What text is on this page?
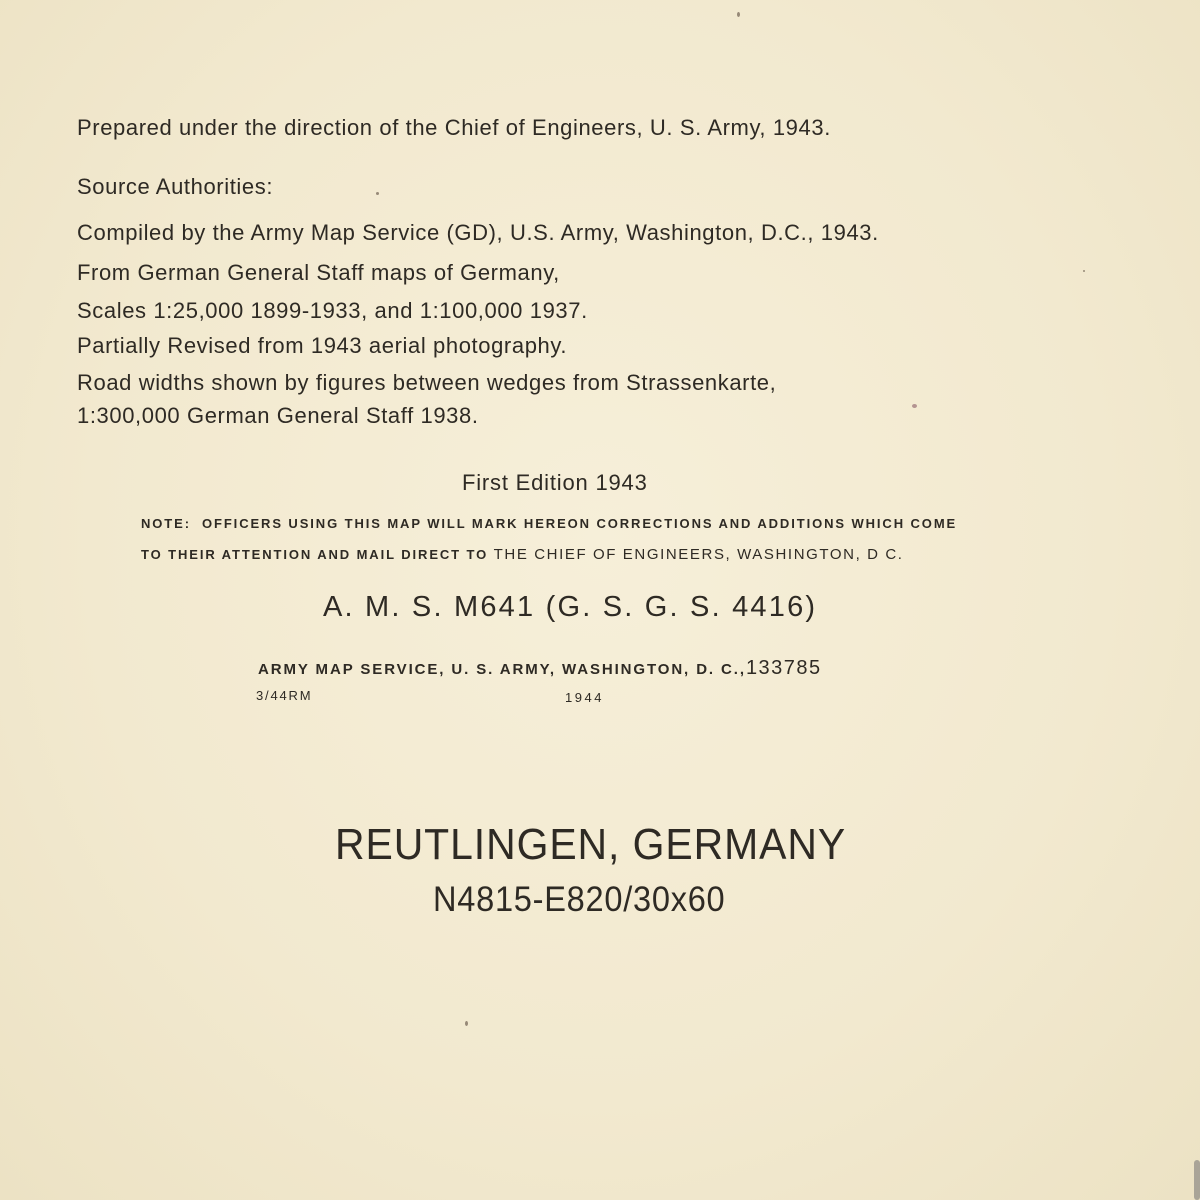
Prepared under the direction of the Chief of Engineers, U. S. Army, 1943.

Source Authorities:

Compiled by the Army Map Service (GD), U.S. Army, Washington, D.C., 1943.

From German General Staff maps of Germany,

Scales 1:25,000 1899-1933, and 1:100,000 1937.

Partially Revised from 1943 aerial photography.

Road widths shown by figures between wedges from Strassenkarte,

1:300,000 German General Staff 1938.

First Edition 1943

NOTE: OFFICERS USING THIS MAP WILL MARK HEREON CORRECTIONS AND ADDITIONS WHICH COME

TO THEIR ATTENTION AND MAIL DIRECT TO THE CHIEF OF ENGINEERS, WASHINGTON, D C.

A. M. S. M641 (G. S. G. S. 4416)

ARMY MAP SERVICE, U. S. ARMY, WASHINGTON, D. C.,133785

3/44RM	1944

REUTLINGEN, GERMANY

N4815-E820/30x60
